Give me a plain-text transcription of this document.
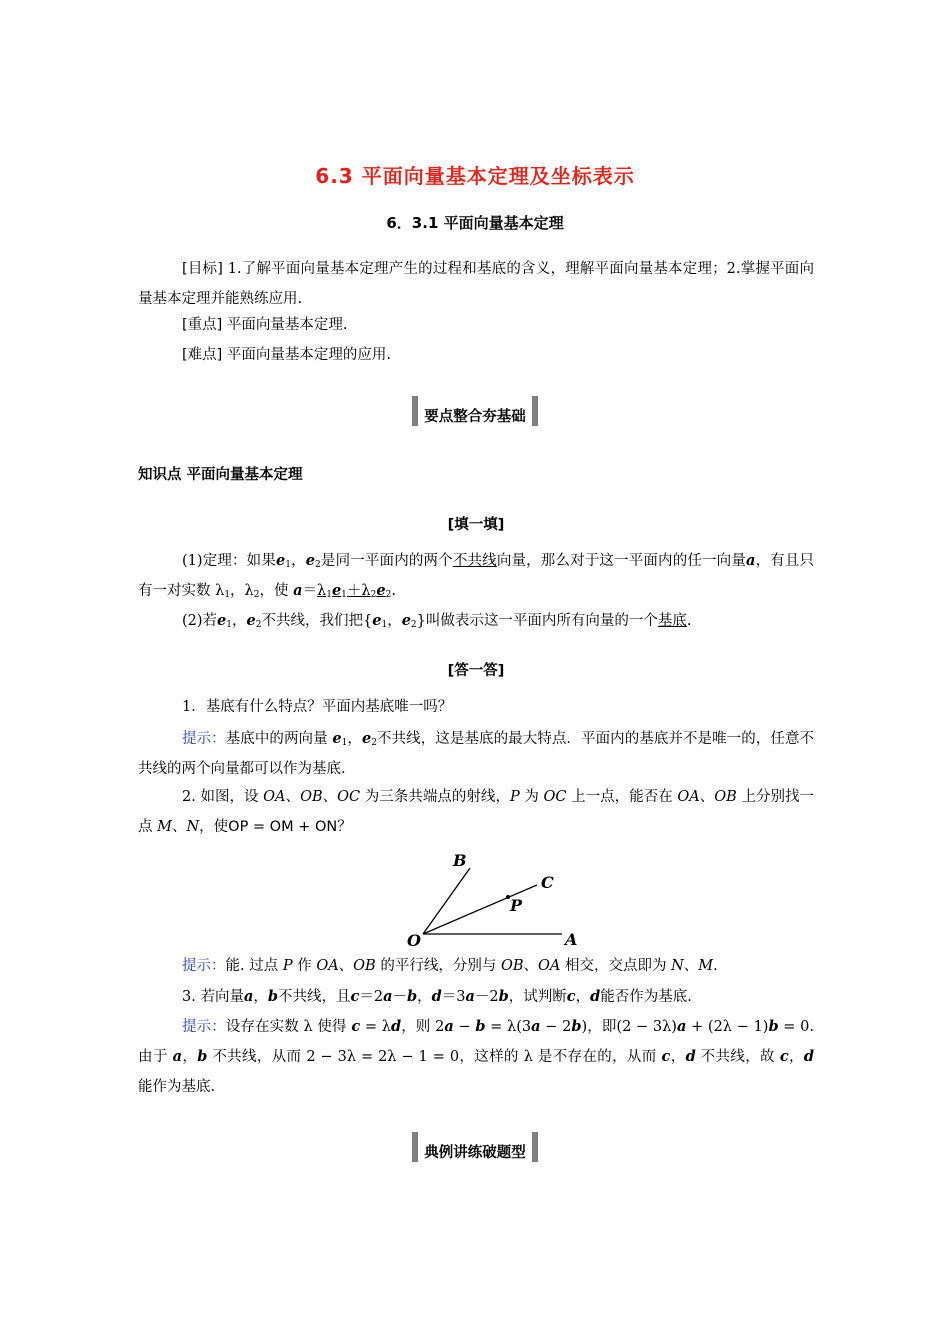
6.3 平面向量基本定理及坐标表示
6．3.1 平面向量基本定理
[目标] 1.了解平面向量基本定理产生的过程和基底的含义，理解平面向量基本定理；2.掌握平面向量基本定理并能熟练应用.
[重点] 平面向量基本定理.
[难点] 平面向量基本定理的应用.
要点整合夯基础
知识点 平面向量基本定理
[填一填]
(1)定理：如果$e_1$，$e_2$是同一平面内的两个不共线向量，那么对于这一平面内的任一向量a，有且只有一对实数 $\lambda_1$，$\lambda_2$，使 $a=\lambda_1e_1+\lambda_2e_2$.
(2)若$e_1$，$e_2$不共线，我们把{$e_1$，$e_2$}叫做表示这一平面内所有向量的一个基底.
[答一答]
1．基底有什么特点？平面内基底唯一吗？
提示：基底中的两向量 $e_1$，$e_2$不共线，这是基底的最大特点．平面内的基底并不是唯一的，任意不共线的两个向量都可以作为基底.
2. 如图，设 OA、OB、OC 为三条共端点的射线，P 为 OC 上一点，能否在 OA、OB 上分别找一点 M、N，使OP = OM + ON？
B
C
P
O	A
提示：能. 过点 P 作 OA、OB 的平行线，分别与 OB、OA 相交，交点即为 N、M.
3. 若向量a，b不共线，且c＝2a－b，d＝3a－2b，试判断c，d能否作为基底.
提示：设存在实数 λ 使得 c = λd，则 2a − b = λ(3a − 2b)，即(2 − 3λ)a + (2λ − 1)b = 0.由于 a，b 不共线，从而 2 − 3λ = 2λ − 1 = 0，这样的 λ 是不存在的，从而 c，d 不共线，故 c，d 能作为基底.
典例讲练破题型
